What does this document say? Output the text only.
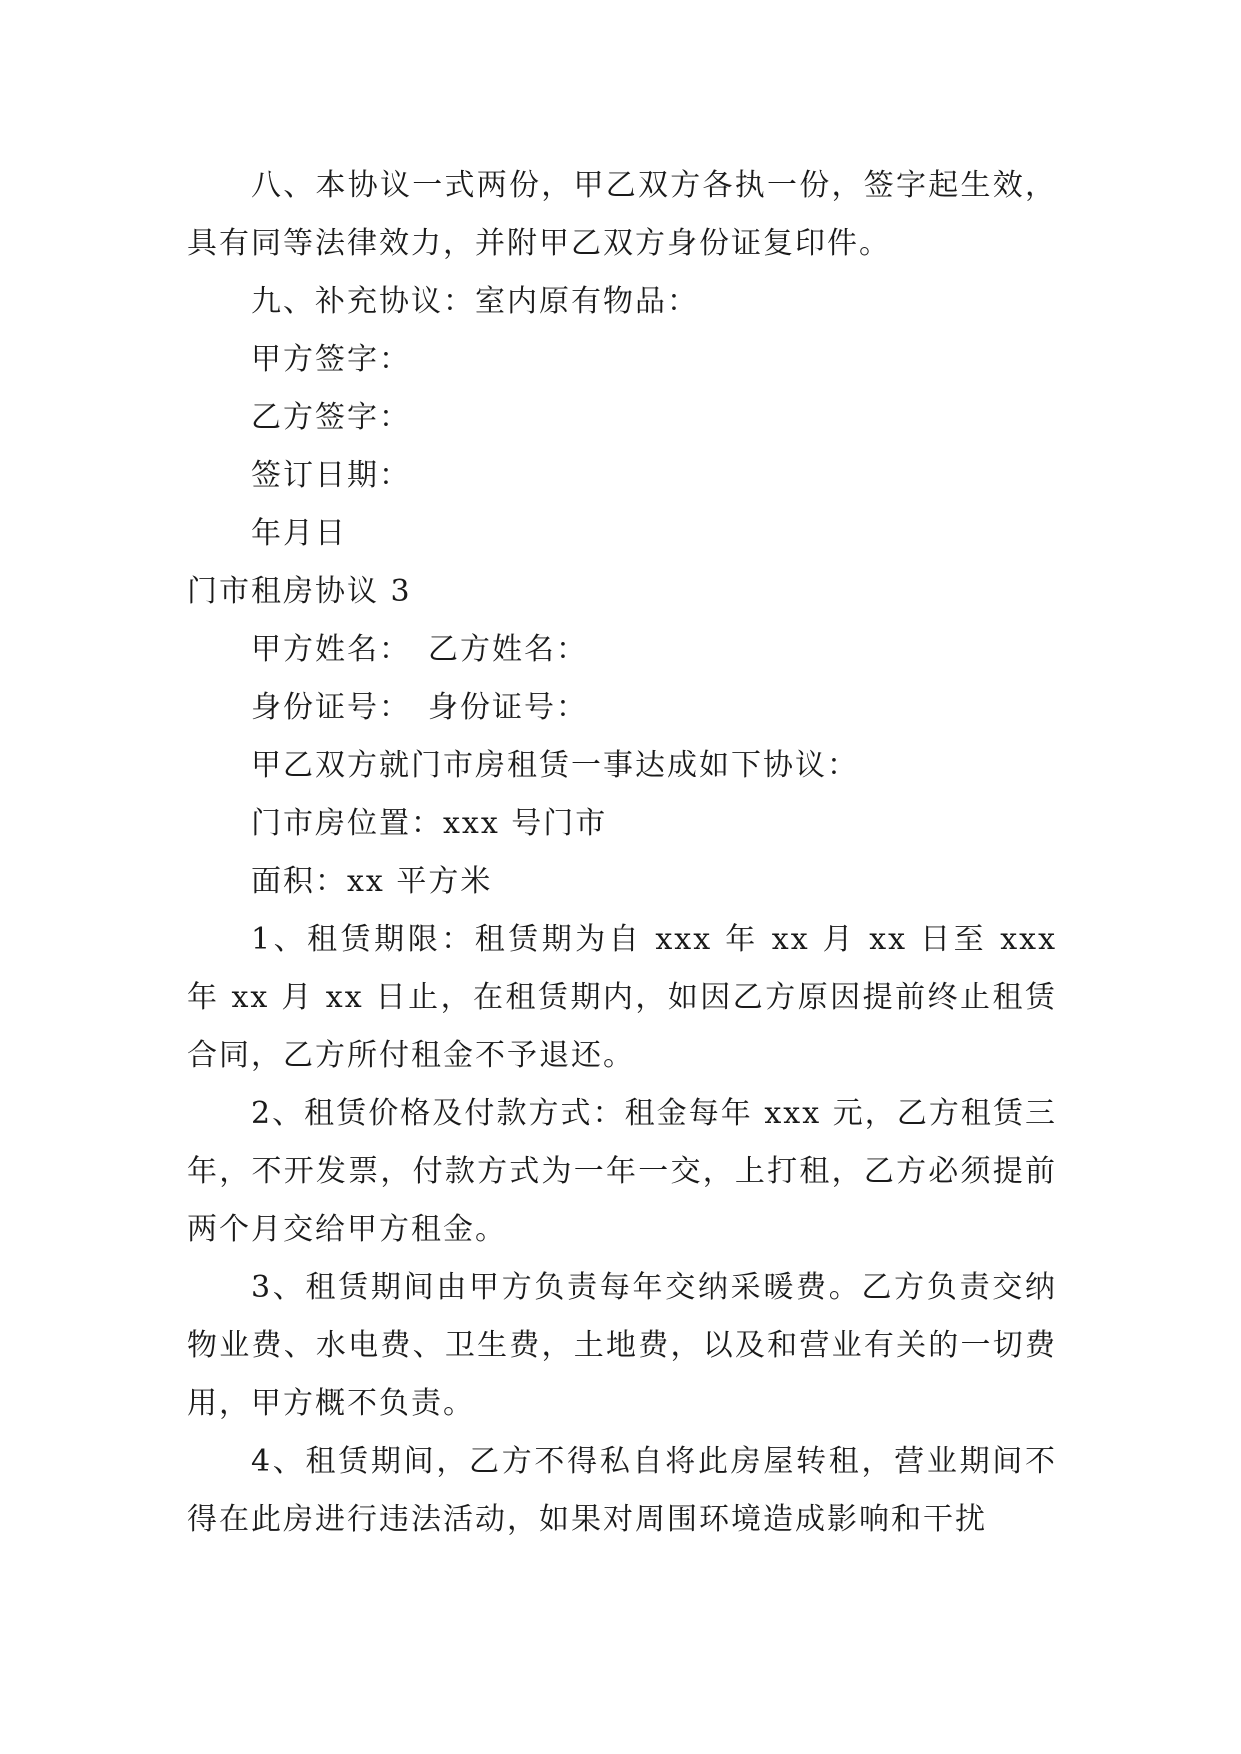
八、本协议一式两份，甲乙双方各执一份，签字起生效，具有同等法律效力，并附甲乙双方身份证复印件。

九、补充协议：室内原有物品：

甲方签字：

乙方签字：

签订日期：

年月日

门市租房协议 3

甲方姓名：　乙方姓名：

身份证号：　身份证号：

甲乙双方就门市房租赁一事达成如下协议：

门市房位置：xxx 号门市

面积：xx 平方米

1、租赁期限：租赁期为自 xxx 年 xx 月 xx 日至 xxx 年 xx 月 xx 日止，在租赁期内，如因乙方原因提前终止租赁合同，乙方所付租金不予退还。

2、租赁价格及付款方式：租金每年 xxx 元，乙方租赁三年，不开发票，付款方式为一年一交，上打租，乙方必须提前两个月交给甲方租金。

3、租赁期间由甲方负责每年交纳采暖费。乙方负责交纳物业费、水电费、卫生费，土地费，以及和营业有关的一切费用，甲方概不负责。

4、租赁期间，乙方不得私自将此房屋转租，营业期间不得在此房进行违法活动，如果对周围环境造成影响和干扰
